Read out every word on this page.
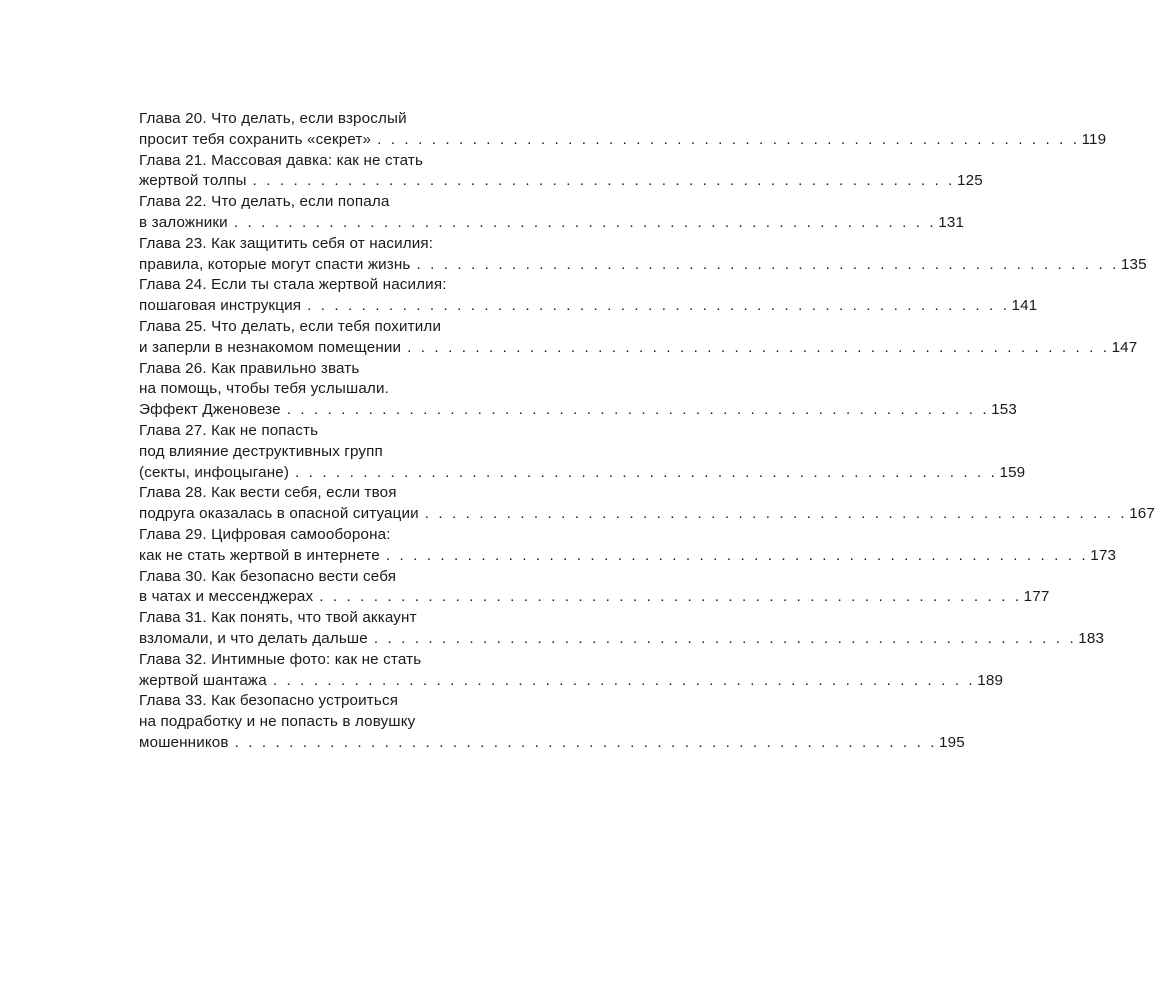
Глава 20. Что делать, если взрослый
просит тебя сохранить «секрет» . . . . . . . . . . . . . . . . . . . . . . . . . . . . . . . . . . . . . . . . . . . . . . . . . . . . 119
Глава 21. Массовая давка: как не стать
жертвой толпы . . . . . . . . . . . . . . . . . . . . . . . . . . . . . . . . . . . . . . . . . . . . . . . . . . . . 125
Глава 22. Что делать, если попала
в заложники . . . . . . . . . . . . . . . . . . . . . . . . . . . . . . . . . . . . . . . . . . . . . . . . . . . . 131
Глава 23. Как защитить себя от насилия:
правила, которые могут спасти жизнь . . . . . . . . . . . . . . . . . . . . . . . . . . . . . . . . . . . . . . . . . . . . . . . . . . . . 135
Глава 24. Если ты стала жертвой насилия:
пошаговая инструкция . . . . . . . . . . . . . . . . . . . . . . . . . . . . . . . . . . . . . . . . . . . . . . . . . . . . 141
Глава 25. Что делать, если тебя похитили
и заперли в незнакомом помещении . . . . . . . . . . . . . . . . . . . . . . . . . . . . . . . . . . . . . . . . . . . . . . . . . . . . 147
Глава 26. Как правильно звать
на помощь, чтобы тебя услышали.
Эффект Дженовезе . . . . . . . . . . . . . . . . . . . . . . . . . . . . . . . . . . . . . . . . . . . . . . . . . . . . 153
Глава 27. Как не попасть
под влияние деструктивных групп
(секты, инфоцыгане) . . . . . . . . . . . . . . . . . . . . . . . . . . . . . . . . . . . . . . . . . . . . . . . . . . . . 159
Глава 28. Как вести себя, если твоя
подруга оказалась в опасной ситуации . . . . . . . . . . . . . . . . . . . . . . . . . . . . . . . . . . . . . . . . . . . . . . . . . . . . 167
Глава 29. Цифровая самооборона:
как не стать жертвой в интернете . . . . . . . . . . . . . . . . . . . . . . . . . . . . . . . . . . . . . . . . . . . . . . . . . . . . 173
Глава 30. Как безопасно вести себя
в чатах и мессенджерах . . . . . . . . . . . . . . . . . . . . . . . . . . . . . . . . . . . . . . . . . . . . . . . . . . . . 177
Глава 31. Как понять, что твой аккаунт
взломали, и что делать дальше . . . . . . . . . . . . . . . . . . . . . . . . . . . . . . . . . . . . . . . . . . . . . . . . . . . . 183
Глава 32. Интимные фото: как не стать
жертвой шантажа . . . . . . . . . . . . . . . . . . . . . . . . . . . . . . . . . . . . . . . . . . . . . . . . . . . . 189
Глава 33. Как безопасно устроиться
на подработку и не попасть в ловушку
мошенников . . . . . . . . . . . . . . . . . . . . . . . . . . . . . . . . . . . . . . . . . . . . . . . . . . . . 195
